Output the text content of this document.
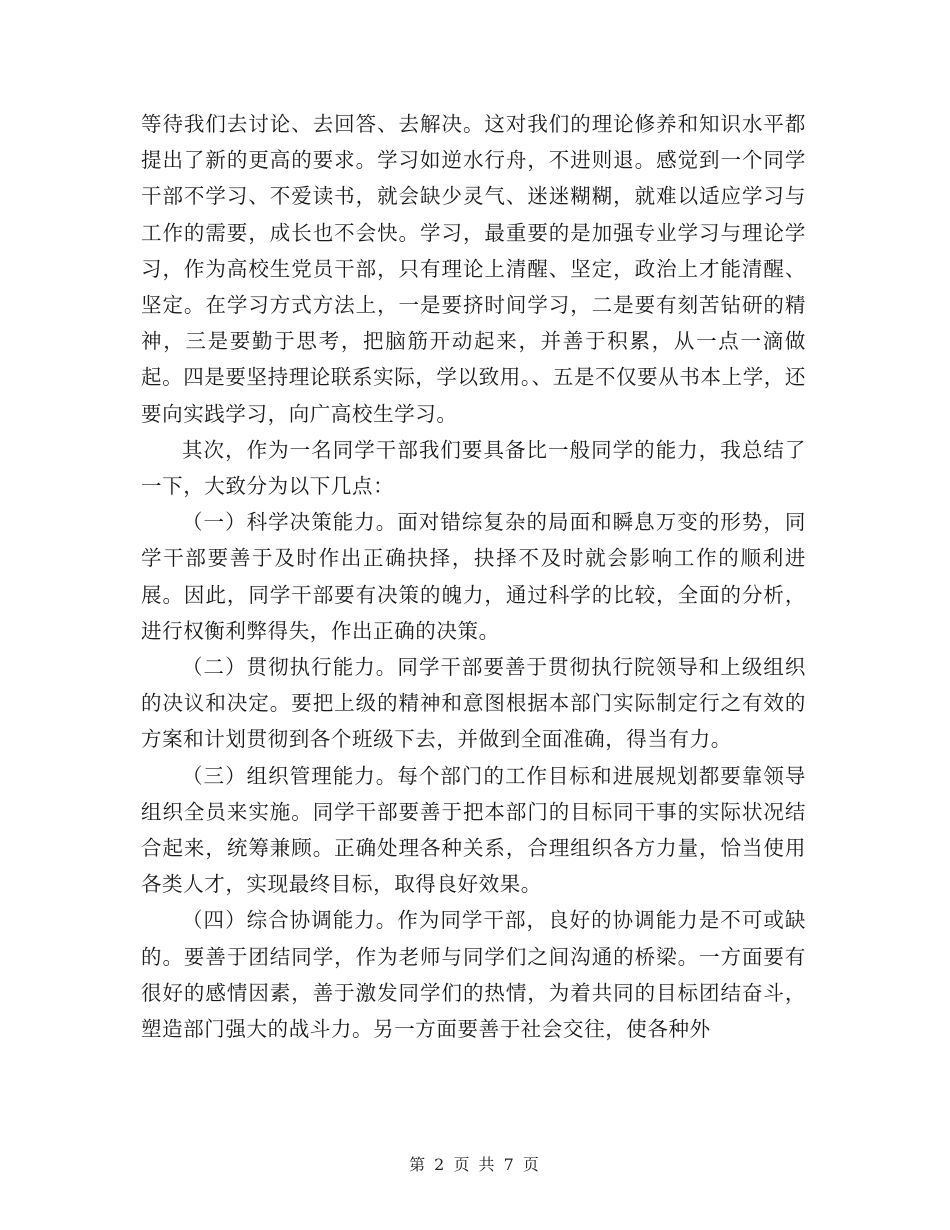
等待我们去讨论、去回答、去解决。这对我们的理论修养和知识水平都提出了新的更高的要求。学习如逆水行舟，不进则退。感觉到一个同学干部不学习、不爱读书，就会缺少灵气、迷迷糊糊，就难以适应学习与工作的需要，成长也不会快。学习，最重要的是加强专业学习与理论学习，作为高校生党员干部，只有理论上清醒、坚定，政治上才能清醒、坚定。在学习方式方法上，一是要挤时间学习，二是要有刻苦钻研的精神，三是要勤于思考，把脑筋开动起来，并善于积累，从一点一滴做起。四是要坚持理论联系实际，学以致用。、五是不仅要从书本上学，还要向实践学习，向广高校生学习。

其次，作为一名同学干部我们要具备比一般同学的能力，我总结了一下，大致分为以下几点：

（一）科学决策能力。面对错综复杂的局面和瞬息万变的形势，同学干部要善于及时作出正确抉择，抉择不及时就会影响工作的顺利进展。因此，同学干部要有决策的魄力，通过科学的比较，全面的分析，进行权衡利弊得失，作出正确的决策。

（二）贯彻执行能力。同学干部要善于贯彻执行院领导和上级组织的决议和决定。要把上级的精神和意图根据本部门实际制定行之有效的方案和计划贯彻到各个班级下去，并做到全面准确，得当有力。

（三）组织管理能力。每个部门的工作目标和进展规划都要靠领导组织全员来实施。同学干部要善于把本部门的目标同干事的实际状况结合起来，统筹兼顾。正确处理各种关系，合理组织各方力量，恰当使用各类人才，实现最终目标，取得良好效果。

（四）综合协调能力。作为同学干部，良好的协调能力是不可或缺的。要善于团结同学，作为老师与同学们之间沟通的桥梁。一方面要有很好的感情因素，善于激发同学们的热情，为着共同的目标团结奋斗，塑造部门强大的战斗力。另一方面要善于社会交往，使各种外

第 2 页 共 7 页
